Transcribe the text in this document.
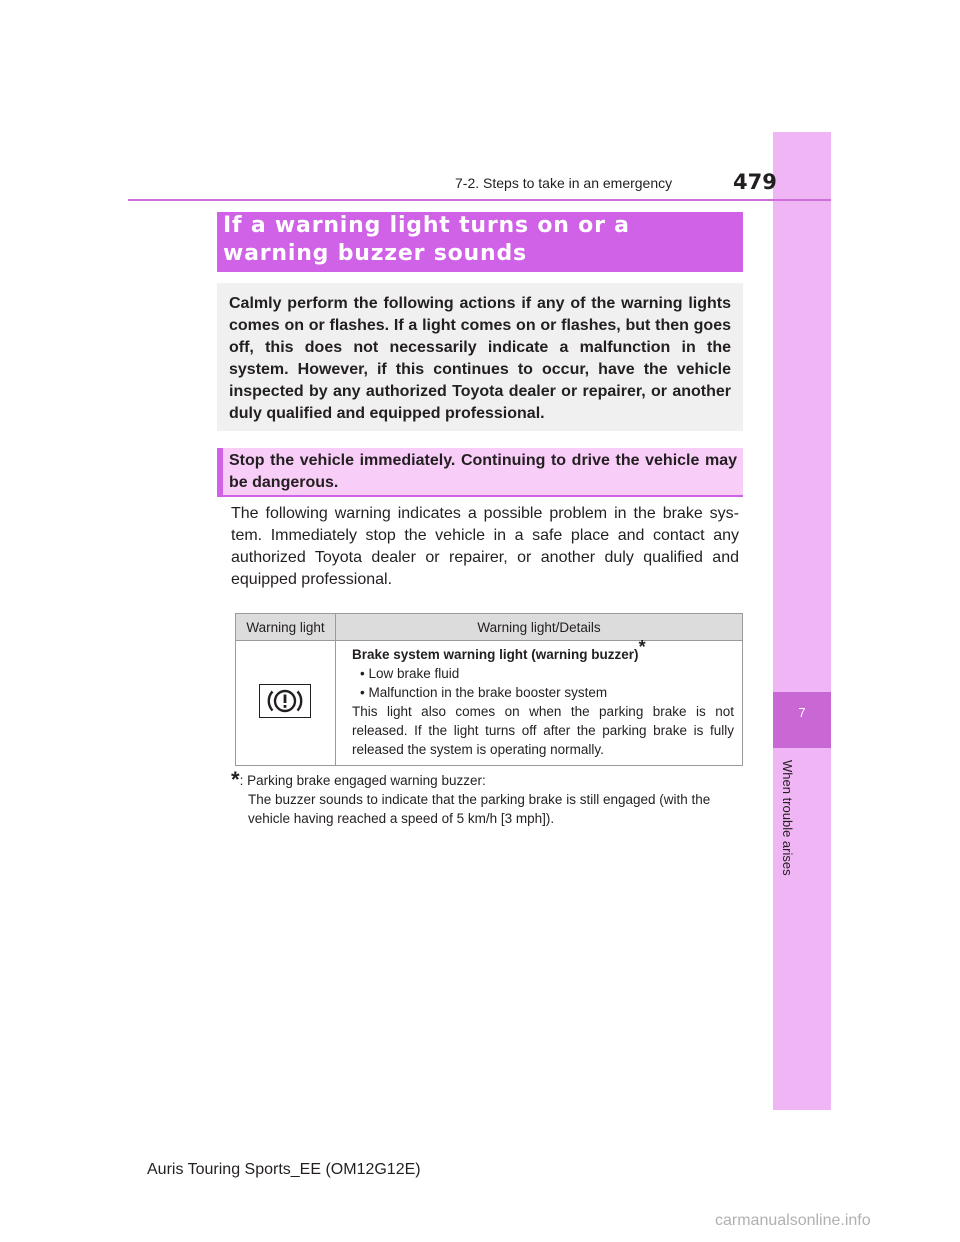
7
When trouble arises
7-2. Steps to take in an emergency	479
If a warning light turns on or a warning buzzer sounds
Calmly perform the following actions if any of the warning lights comes on or flashes. If a light comes on or flashes, but then goes off, this does not necessarily indicate a malfunction in the system. However, if this continues to occur, have the vehicle inspected by any authorized Toyota dealer or repairer, or another duly qualified and equipped professional.
Stop the vehicle immediately. Continuing to drive the vehicle may be dangerous.
The following warning indicates a possible problem in the brake sys-tem. Immediately stop the vehicle in a safe place and contact any authorized Toyota dealer or repairer, or another duly qualified and equipped professional.
Warning light	Warning light/Details

Brake system warning light (warning buzzer)*
• Low brake fluid
• Malfunction in the brake booster system
This light also comes on when the parking brake is not released. If the light turns off after the parking brake is fully released the system is operating normally.
*: Parking brake engaged warning buzzer:
The buzzer sounds to indicate that the parking brake is still engaged (with the vehicle having reached a speed of 5 km/h [3 mph]).
Auris Touring Sports_EE (OM12G12E)
carmanualsonline.info
